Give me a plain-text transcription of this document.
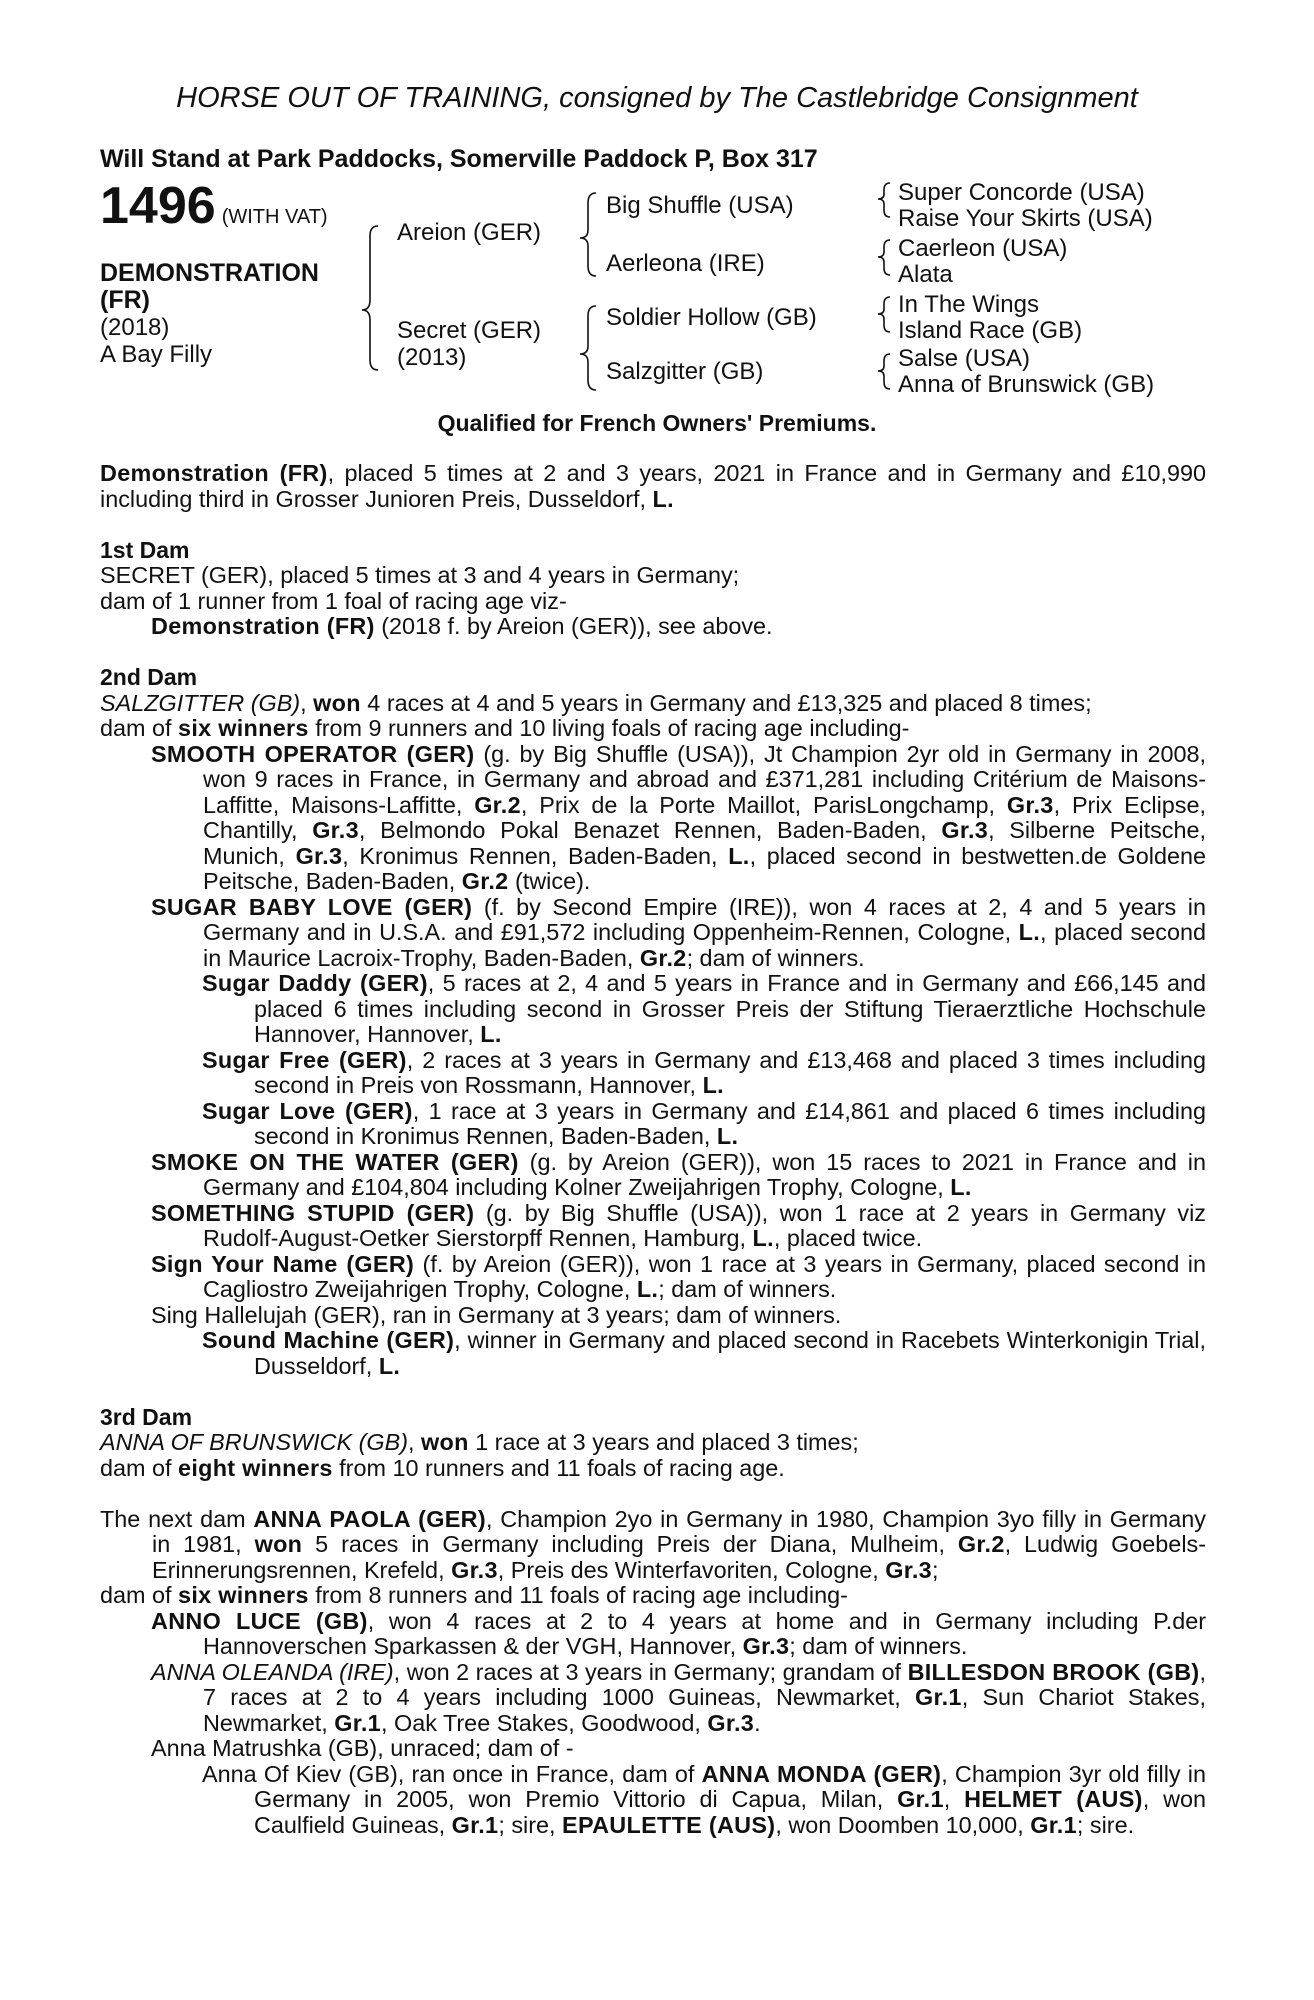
HORSE OUT OF TRAINING, consigned by The Castlebridge Consignment
Will Stand at Park Paddocks, Somerville Paddock P, Box 317
1496 (WITH VAT)
DEMONSTRATION
(FR)
(2018)
A Bay Filly
Areion (GER)
Secret (GER)
(2013)
Big Shuffle (USA)
Aerleona (IRE)
Soldier Hollow (GB)
Salzgitter (GB)
Super Concorde (USA)
Raise Your Skirts (USA)
Caerleon (USA)
Alata
In The Wings
Island Race (GB)
Salse (USA)
Anna of Brunswick (GB)
Qualified for French Owners' Premiums.

Demonstration (FR), placed 5 times at 2 and 3 years, 2021 in France and in Germany and £10,990 including third in Grosser Junioren Preis, Dusseldorf, L.

1st Dam

SECRET (GER), placed 5 times at 3 and 4 years in Germany;

dam of 1 runner from 1 foal of racing age viz-

Demonstration (FR) (2018 f. by Areion (GER)), see above.

2nd Dam

SALZGITTER (GB), won 4 races at 4 and 5 years in Germany and £13,325 and placed 8 times;

dam of six winners from 9 runners and 10 living foals of racing age including-

SMOOTH OPERATOR (GER) (g. by Big Shuffle (USA)), Jt Champion 2yr old in Germany in 2008, won 9 races in France, in Germany and abroad and £371,281 including Critérium de Maisons-Laffitte, Maisons-Laffitte, Gr.2, Prix de la Porte Maillot, ParisLongchamp, Gr.3, Prix Eclipse, Chantilly, Gr.3, Belmondo Pokal Benazet Rennen, Baden-Baden, Gr.3, Silberne Peitsche, Munich, Gr.3, Kronimus Rennen, Baden-Baden, L., placed second in bestwetten.de Goldene Peitsche, Baden-Baden, Gr.2 (twice).

SUGAR BABY LOVE (GER) (f. by Second Empire (IRE)), won 4 races at 2, 4 and 5 years in Germany and in U.S.A. and £91,572 including Oppenheim-Rennen, Cologne, L., placed second in Maurice Lacroix-Trophy, Baden-Baden, Gr.2; dam of winners.

Sugar Daddy (GER), 5 races at 2, 4 and 5 years in France and in Germany and £66,145 and placed 6 times including second in Grosser Preis der Stiftung Tieraerztliche Hochschule Hannover, Hannover, L.

Sugar Free (GER), 2 races at 3 years in Germany and £13,468 and placed 3 times including second in Preis von Rossmann, Hannover, L.

Sugar Love (GER), 1 race at 3 years in Germany and £14,861 and placed 6 times including second in Kronimus Rennen, Baden-Baden, L.

SMOKE ON THE WATER (GER) (g. by Areion (GER)), won 15 races to 2021 in France and in Germany and £104,804 including Kolner Zweijahrigen Trophy, Cologne, L.

SOMETHING STUPID (GER) (g. by Big Shuffle (USA)), won 1 race at 2 years in Germany viz Rudolf-August-Oetker Sierstorpff Rennen, Hamburg, L., placed twice.

Sign Your Name (GER) (f. by Areion (GER)), won 1 race at 3 years in Germany, placed second in Cagliostro Zweijahrigen Trophy, Cologne, L.; dam of winners.

Sing Hallelujah (GER), ran in Germany at 3 years; dam of winners.

Sound Machine (GER), winner in Germany and placed second in Racebets Winterkonigin Trial, Dusseldorf, L.

3rd Dam

ANNA OF BRUNSWICK (GB), won 1 race at 3 years and placed 3 times;

dam of eight winners from 10 runners and 11 foals of racing age.

The next dam ANNA PAOLA (GER), Champion 2yo in Germany in 1980, Champion 3yo filly in Germany in 1981, won 5 races in Germany including Preis der Diana, Mulheim, Gr.2, Ludwig Goebels-Erinnerungsrennen, Krefeld, Gr.3, Preis des Winterfavoriten, Cologne, Gr.3;

dam of six winners from 8 runners and 11 foals of racing age including-

ANNO LUCE (GB), won 4 races at 2 to 4 years at home and in Germany including P.der Hannoverschen Sparkassen & der VGH, Hannover, Gr.3; dam of winners.

ANNA OLEANDA (IRE), won 2 races at 3 years in Germany; grandam of BILLESDON BROOK (GB), 7 races at 2 to 4 years including 1000 Guineas, Newmarket, Gr.1, Sun Chariot Stakes, Newmarket, Gr.1, Oak Tree Stakes, Goodwood, Gr.3.

Anna Matrushka (GB), unraced; dam of -

Anna Of Kiev (GB), ran once in France, dam of ANNA MONDA (GER), Champion 3yr old filly in Germany in 2005, won Premio Vittorio di Capua, Milan, Gr.1, HELMET (AUS), won Caulfield Guineas, Gr.1; sire, EPAULETTE (AUS), won Doomben 10,000, Gr.1; sire.
